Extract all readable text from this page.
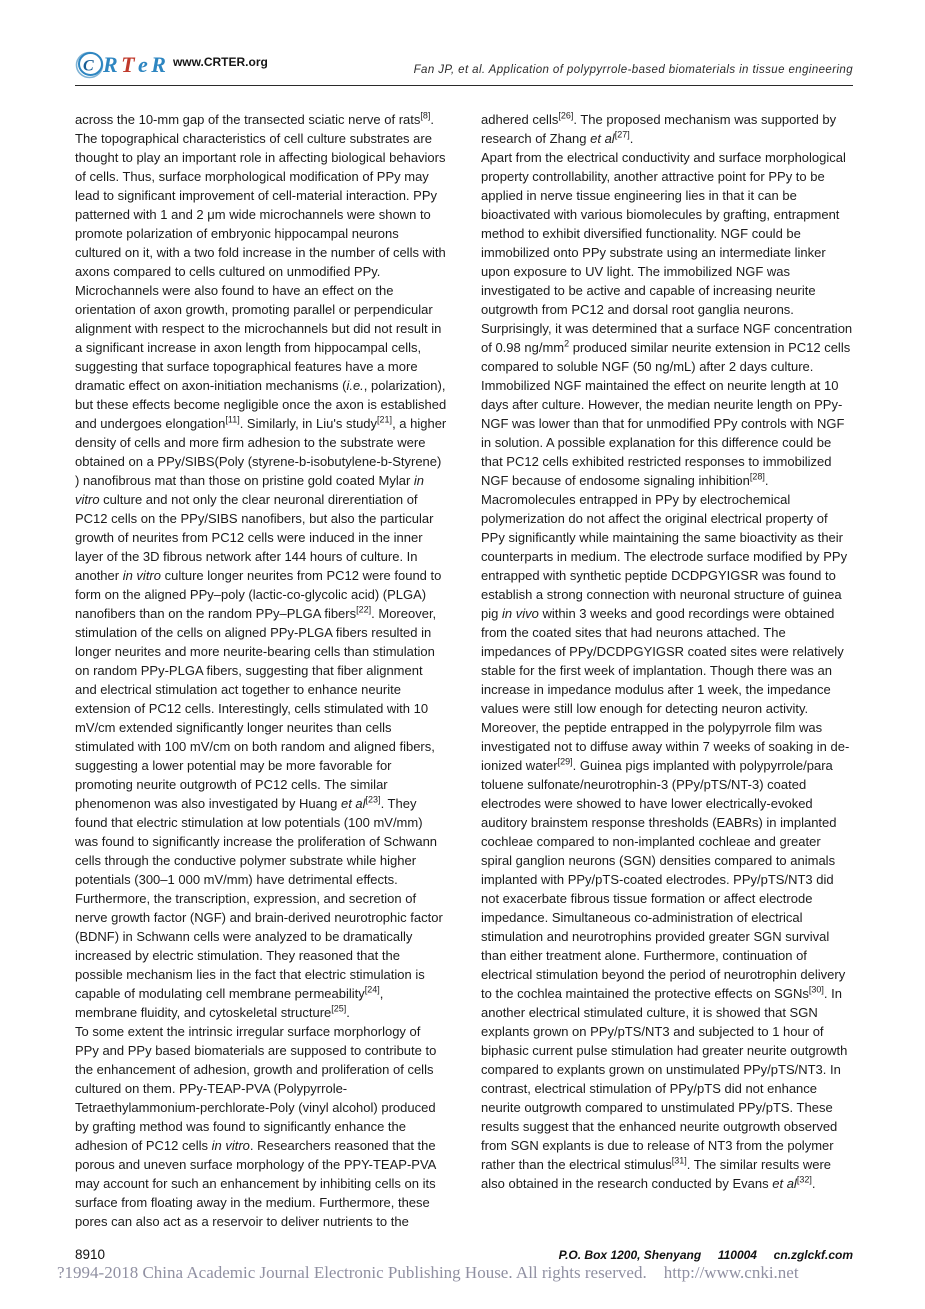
C R T e R www.CRTER.org
Fan JP, et al. Application of polypyrrole-based biomaterials in tissue engineering

across the 10-mm gap of the transected sciatic nerve of rats[8]. The topographical characteristics of cell culture substrates are thought to play an important role in affecting biological behaviors of cells. Thus, surface morphological modification of PPy may lead to significant improvement of cell-material interaction. PPy patterned with 1 and 2 μm wide microchannels were shown to promote polarization of embryonic hippocampal neurons cultured on it, with a two fold increase in the number of cells with axons compared to cells cultured on unmodified PPy. Microchannels were also found to have an effect on the orientation of axon growth, promoting parallel or perpendicular alignment with respect to the microchannels but did not result in a significant increase in axon length from hippocampal cells, suggesting that surface topographical features have a more dramatic effect on axon-initiation mechanisms (i.e., polarization), but these effects become negligible once the axon is established and undergoes elongation[11]. Similarly, in Liu's study[21], a higher density of cells and more firm adhesion to the substrate were obtained on a PPy/SIBS(Poly (styrene-b-isobutylene-b-Styrene) ) nanofibrous mat than those on pristine gold coated Mylar in vitro culture and not only the clear neuronal direrentiation of PC12 cells on the PPy/SIBS nanofibers, but also the particular growth of neurites from PC12 cells were induced in the inner layer of the 3D fibrous network after 144 hours of culture. In another in vitro culture longer neurites from PC12 were found to form on the aligned PPy–poly (lactic-co-glycolic acid) (PLGA) nanofibers than on the random PPy–PLGA fibers[22]. Moreover, stimulation of the cells on aligned PPy-PLGA fibers resulted in longer neurites and more neurite-bearing cells than stimulation on random PPy-PLGA fibers, suggesting that fiber alignment and electrical stimulation act together to enhance neurite extension of PC12 cells. Interestingly, cells stimulated with 10 mV/cm extended significantly longer neurites than cells stimulated with 100 mV/cm on both random and aligned fibers, suggesting a lower potential may be more favorable for promoting neurite outgrowth of PC12 cells. The similar phenomenon was also investigated by Huang et al[23]. They found that electric stimulation at low potentials (100 mV/mm) was found to significantly increase the proliferation of Schwann cells through the conductive polymer substrate while higher potentials (300–1 000 mV/mm) have detrimental effects. Furthermore, the transcription, expression, and secretion of nerve growth factor (NGF) and brain-derived neurotrophic factor (BDNF) in Schwann cells were analyzed to be dramatically increased by electric stimulation. They reasoned that the possible mechanism lies in the fact that electric stimulation is capable of modulating cell membrane permeability[24], membrane fluidity, and cytoskeletal structure[25].

To some extent the intrinsic irregular surface morphorlogy of PPy and PPy based biomaterials are supposed to contribute to the enhancement of adhesion, growth and proliferation of cells cultured on them. PPy-TEAP-PVA (Polypyrrole-Tetraethylammonium-perchlorate-Poly (vinyl alcohol) produced by grafting method was found to significantly enhance the adhesion of PC12 cells in vitro. Researchers reasoned that the porous and uneven surface morphology of the PPY-TEAP-PVA may account for such an enhancement by inhibiting cells on its surface from floating away in the medium. Furthermore, these pores can also act as a reservoir to deliver nutrients to the

adhered cells[26]. The proposed mechanism was supported by research of Zhang et al[27].

Apart from the electrical conductivity and surface morphological property controllability, another attractive point for PPy to be applied in nerve tissue engineering lies in that it can be bioactivated with various biomolecules by grafting, entrapment method to exhibit diversified functionality. NGF could be immobilized onto PPy substrate using an intermediate linker upon exposure to UV light. The immobilized NGF was investigated to be active and capable of increasing neurite outgrowth from PC12 and dorsal root ganglia neurons. Surprisingly, it was determined that a surface NGF concentration of 0.98 $ng/mm^2$ produced similar neurite extension in PC12 cells compared to soluble NGF (50 ng/mL) after 2 days culture. Immobilized NGF maintained the effect on neurite length at 10 days after culture. However, the median neurite length on PPy-NGF was lower than that for unmodified PPy controls with NGF in solution. A possible explanation for this difference could be that PC12 cells exhibited restricted responses to immobilized NGF because of endosome signaling inhibition[28].

Macromolecules entrapped in PPy by electrochemical polymerization do not affect the original electrical property of PPy significantly while maintaining the same bioactivity as their counterparts in medium. The electrode surface modified by PPy entrapped with synthetic peptide DCDPGYIGSR was found to establish a strong connection with neuronal structure of guinea pig in vivo within 3 weeks and good recordings were obtained from the coated sites that had neurons attached. The impedances of PPy/DCDPGYIGSR coated sites were relatively stable for the first week of implantation. Though there was an increase in impedance modulus after 1 week, the impedance values were still low enough for detecting neuron activity. Moreover, the peptide entrapped in the polypyrrole film was investigated not to diffuse away within 7 weeks of soaking in de-ionized water[29]. Guinea pigs implanted with polypyrrole/para toluene sulfonate/neurotrophin-3 (PPy/pTS/NT-3) coated electrodes were showed to have lower electrically-evoked auditory brainstem response thresholds (EABRs) in implanted cochleae compared to non-implanted cochleae and greater spiral ganglion neurons (SGN) densities compared to animals implanted with PPy/pTS-coated electrodes. PPy/pTS/NT3 did not exacerbate fibrous tissue formation or affect electrode impedance. Simultaneous co-administration of electrical stimulation and neurotrophins provided greater SGN survival than either treatment alone. Furthermore, continuation of electrical stimulation beyond the period of neurotrophin delivery to the cochlea maintained the protective effects on SGNs[30]. In another electrical stimulated culture, it is showed that SGN explants grown on PPy/pTS/NT3 and subjected to 1 hour of biphasic current pulse stimulation had greater neurite outgrowth compared to explants grown on unstimulated PPy/pTS/NT3. In contrast, electrical stimulation of PPy/pTS did not enhance neurite outgrowth compared to unstimulated PPy/pTS. These results suggest that the enhanced neurite outgrowth observed from SGN explants is due to release of NT3 from the polymer rather than the electrical stimulus[31]. The similar results were also obtained in the research conducted by Evans et al[32].

8910	P.O. Box 1200, Shenyang     110004     cn.zglckf.com
?1994-2018 China Academic Journal Electronic Publishing House. All rights reserved.    http://www.cnki.net
